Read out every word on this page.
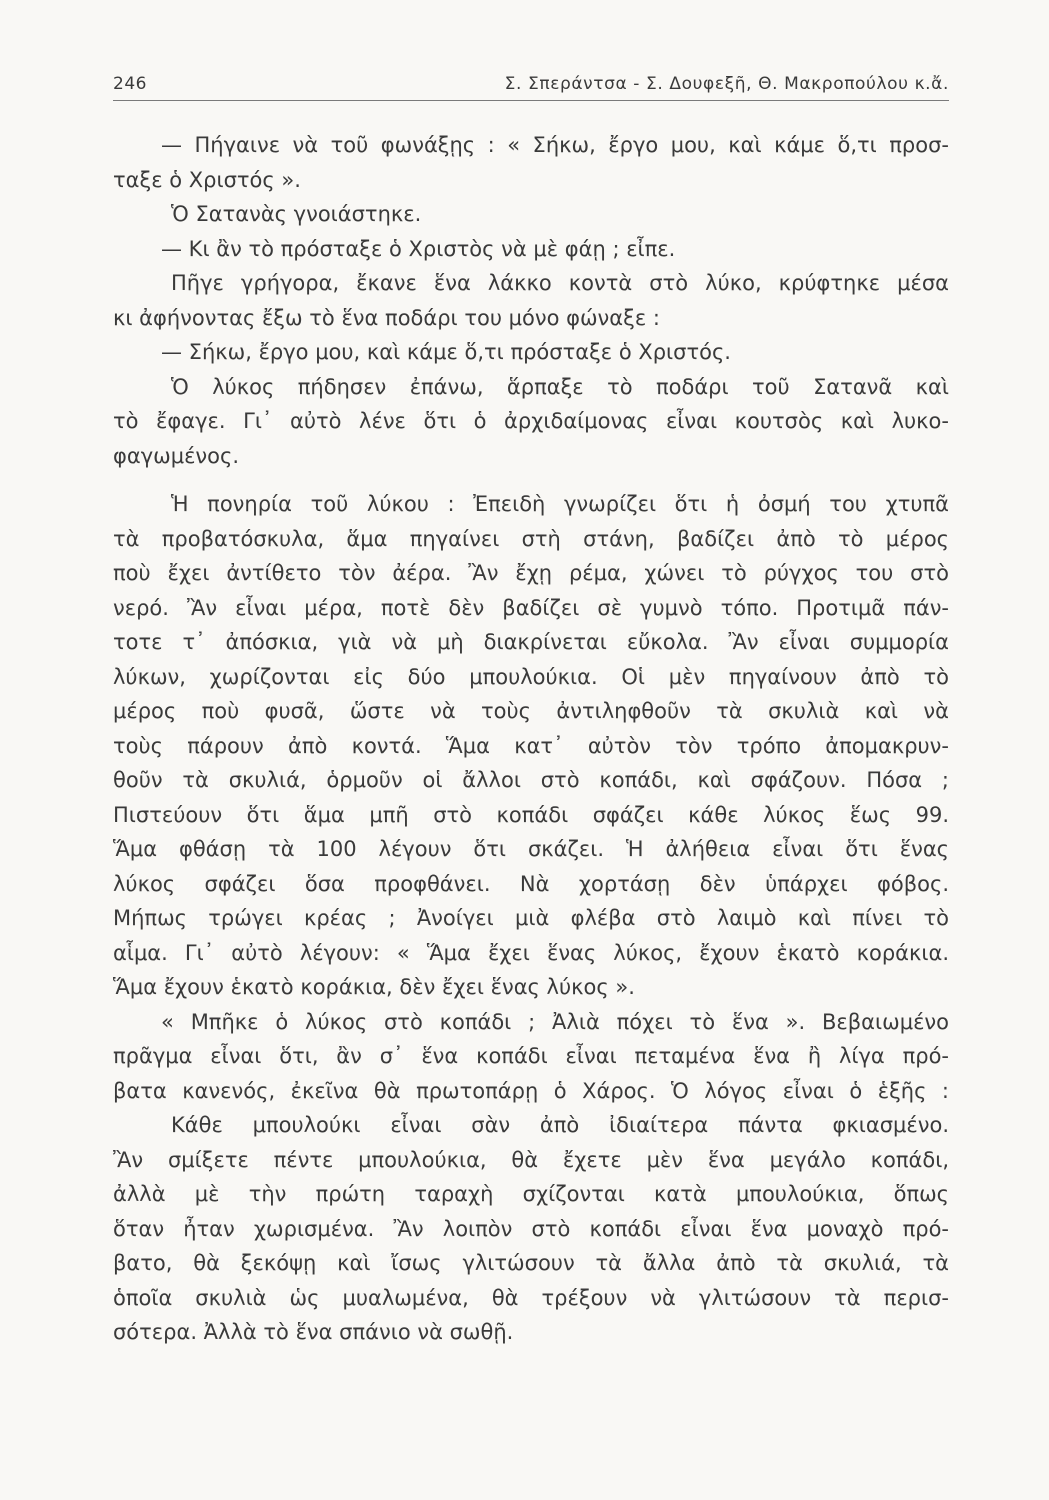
246	Σ. Σπεράντσα - Σ. Δουφεξῆ, Θ. Μακροπούλου κ.ἄ.
— Πήγαινε νὰ τοῦ φωνάξῃς : « Σήκω, ἔργο μου, καὶ κάμε ὅ,τι προσ-
ταξε ὁ Χριστός ».
Ὁ Σατανὰς γνοιάστηκε.
— Κι ἂν τὸ πρόσταξε ὁ Χριστὸς νὰ μὲ φάῃ ; εἶπε.
Πῆγε γρήγορα, ἔκανε ἕνα λάκκο κοντὰ στὸ λύκο, κρύφτηκε μέσα
κι ἀφήνοντας ἔξω τὸ ἕνα ποδάρι του μόνο φώναξε :
— Σήκω, ἔργο μου, καὶ κάμε ὅ,τι πρόσταξε ὁ Χριστός.
Ὁ λύκος πήδησεν ἐπάνω, ἅρπαξε τὸ ποδάρι τοῦ Σατανᾶ καὶ
τὸ ἔφαγε. Γι᾽ αὐτὸ λένε ὅτι ὁ ἀρχιδαίμονας εἶναι κουτσὸς καὶ λυκο-
φαγωμένος.
Ἡ πονηρία τοῦ λύκου : Ἐπειδὴ γνωρίζει ὅτι ἡ ὀσμή του χτυπᾶ
τὰ προβατόσκυλα, ἅμα πηγαίνει στὴ στάνη, βαδίζει ἀπὸ τὸ μέρος
ποὺ ἔχει ἀντίθετο τὸν ἀέρα. Ἂν ἔχῃ ρέμα, χώνει τὸ ρύγχος του στὸ
νερό. Ἂν εἶναι μέρα, ποτὲ δὲν βαδίζει σὲ γυμνὸ τόπο. Προτιμᾶ πάν-
τοτε τ᾽ ἀπόσκια, γιὰ νὰ μὴ διακρίνεται εὔκολα. Ἂν εἶναι συμμορία
λύκων, χωρίζονται εἰς δύο μπουλούκια. Οἱ μὲν πηγαίνουν ἀπὸ τὸ
μέρος ποὺ φυσᾶ, ὥστε νὰ τοὺς ἀντιληφθοῦν τὰ σκυλιὰ καὶ νὰ
τοὺς πάρουν ἀπὸ κοντά. Ἅμα κατ᾽ αὐτὸν τὸν τρόπο ἀπομακρυν-
θοῦν τὰ σκυλιά, ὁρμοῦν οἱ ἄλλοι στὸ κοπάδι, καὶ σφάζουν. Πόσα ;
Πιστεύουν ὅτι ἅμα μπῆ στὸ κοπάδι σφάζει κάθε λύκος ἕως 99.
Ἅμα φθάσῃ τὰ 100 λέγουν ὅτι σκάζει. Ἡ ἀλήθεια εἶναι ὅτι ἕνας
λύκος σφάζει ὅσα προφθάνει. Νὰ χορτάσῃ δὲν ὑπάρχει φόβος.
Μήπως τρώγει κρέας ; Ἀνοίγει μιὰ φλέβα στὸ λαιμὸ καὶ πίνει τὸ
αἷμα. Γι᾽ αὐτὸ λέγουν: « Ἅμα ἔχει ἕνας λύκος, ἔχουν ἑκατὸ κοράκια.
Ἅμα ἔχουν ἑκατὸ κοράκια, δὲν ἔχει ἕνας λύκος ».
« Μπῆκε ὁ λύκος στὸ κοπάδι ; Ἀλιὰ πόχει τὸ ἕνα ». Βεβαιωμένο
πρᾶγμα εἶναι ὅτι, ἂν σ᾽ ἕνα κοπάδι εἶναι πεταμένα ἕνα ἢ λίγα πρό-
βατα κανενός, ἐκεῖνα θὰ πρωτοπάρῃ ὁ Χάρος. Ὁ λόγος εἶναι ὁ ἑξῆς :
Κάθε μπουλούκι εἶναι σὰν ἀπὸ ἰδιαίτερα πάντα φκιασμένο.
Ἂν σμίξετε πέντε μπουλούκια, θὰ ἔχετε μὲν ἕνα μεγάλο κοπάδι,
ἀλλὰ μὲ τὴν πρώτη ταραχὴ σχίζονται κατὰ μπουλούκια, ὅπως
ὅταν ἦταν χωρισμένα. Ἂν λοιπὸν στὸ κοπάδι εἶναι ἕνα μοναχὸ πρό-
βατο, θὰ ξεκόψῃ καὶ ἴσως γλιτώσουν τὰ ἄλλα ἀπὸ τὰ σκυλιά, τὰ
ὁποῖα σκυλιὰ ὡς μυαλωμένα, θὰ τρέξουν νὰ γλιτώσουν τὰ περισ-
σότερα. Ἀλλὰ τὸ ἕνα σπάνιο νὰ σωθῇ.
